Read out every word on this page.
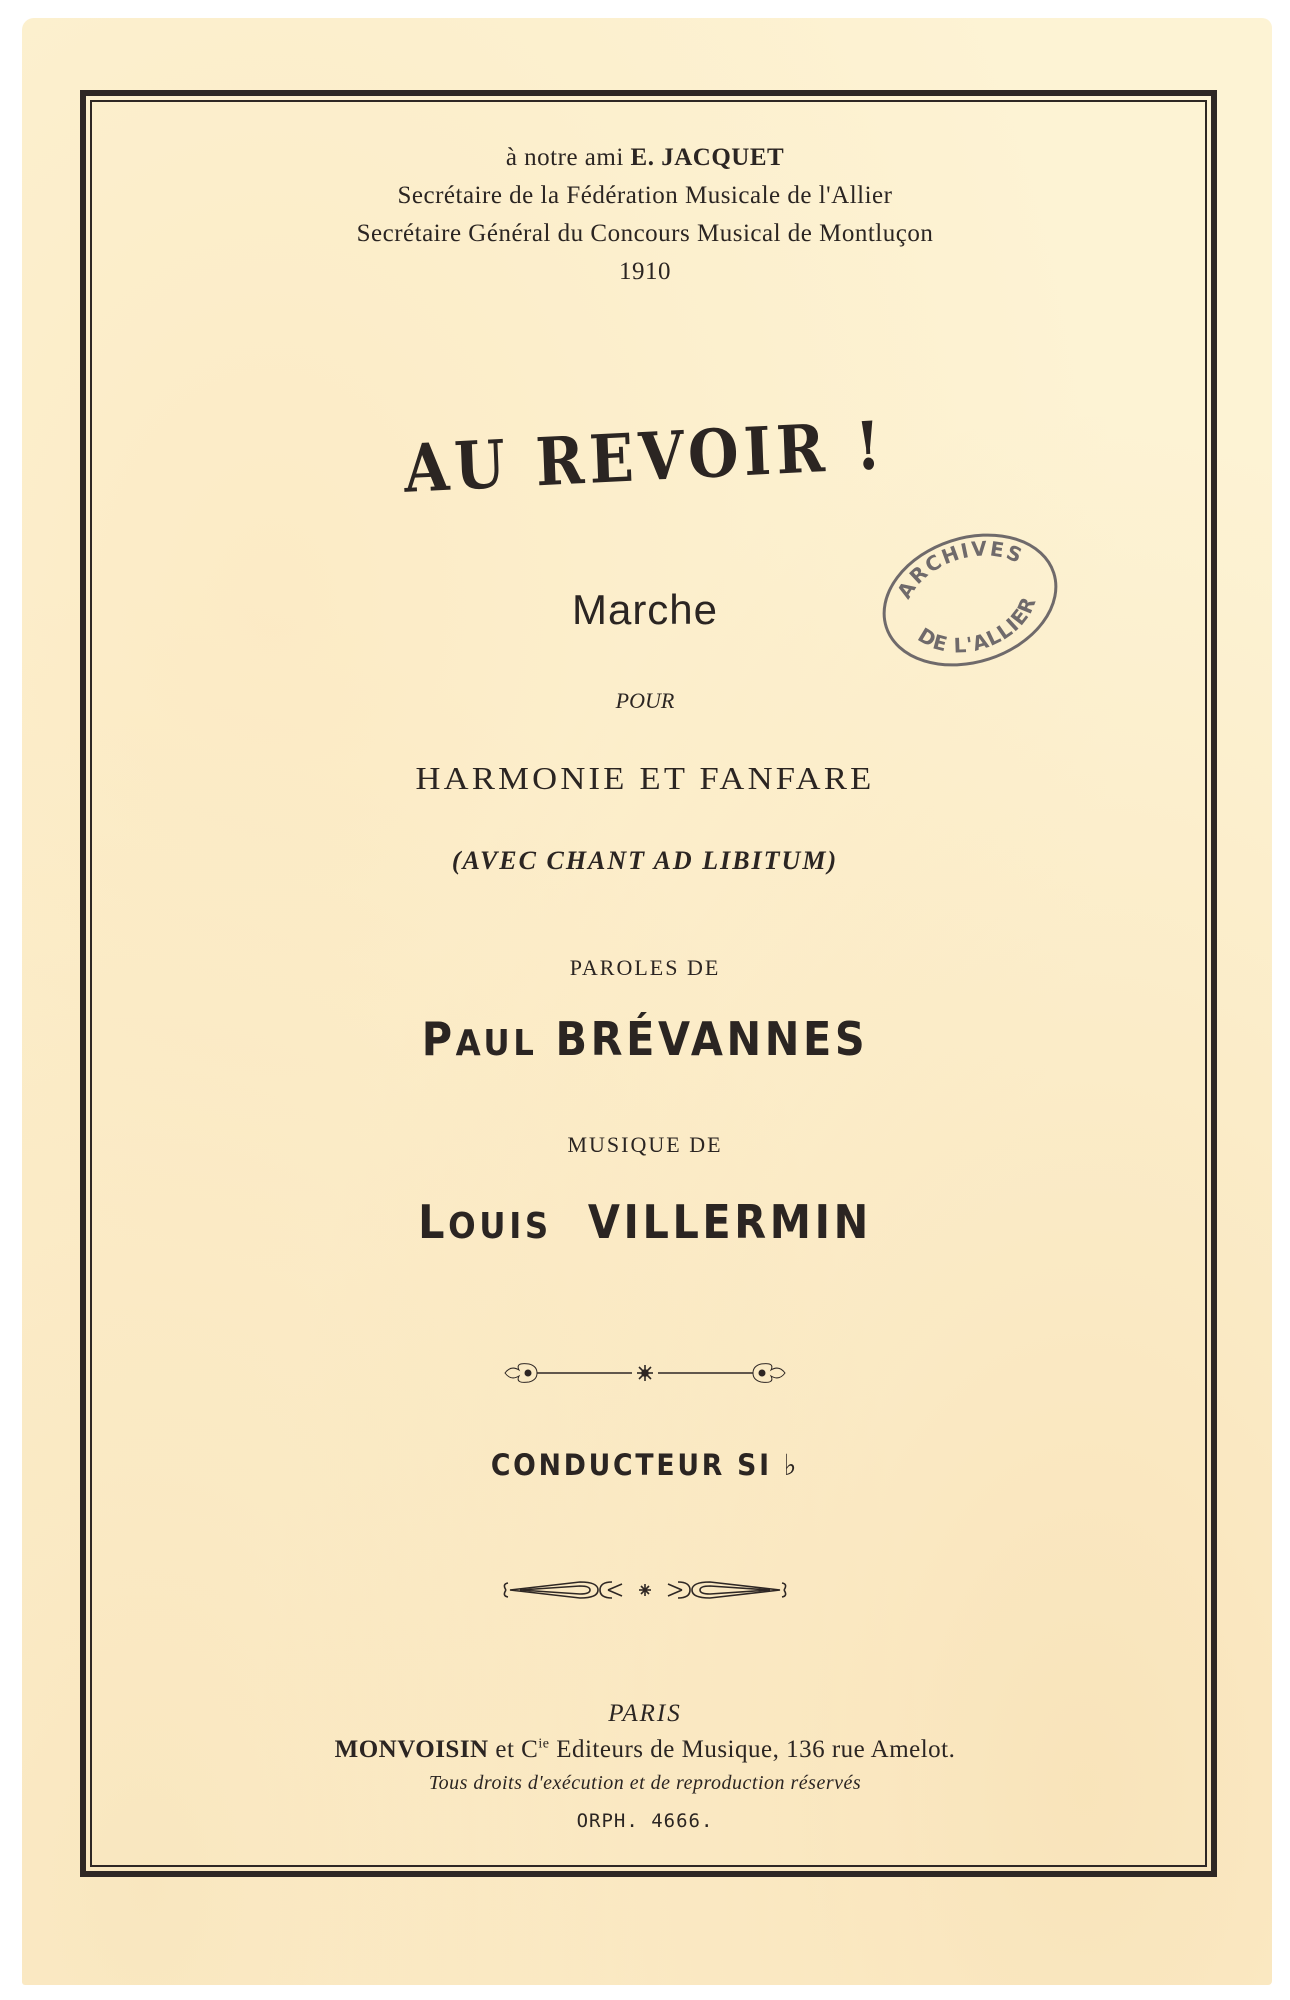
à notre ami E. JACQUET
Secrétaire de la Fédération Musicale de l'Allier
Secrétaire Général du Concours Musical de Montluçon
1910
AU REVOIR !
ARCHIVES
DE L'ALLIER
Marche
POUR
HARMONIE ET FANFARE
(AVEC CHANT AD LIBITUM)
PAROLES DE
PAUL BRÉVANNES
MUSIQUE DE
LOUIS VILLERMIN
CONDUCTEUR SI ♭
PARIS
MONVOISIN et $C^{ie}$ Editeurs de Musique, 136 rue Amelot.
Tous droits d'exécution et de reproduction réservés
ORPH. 4666.
